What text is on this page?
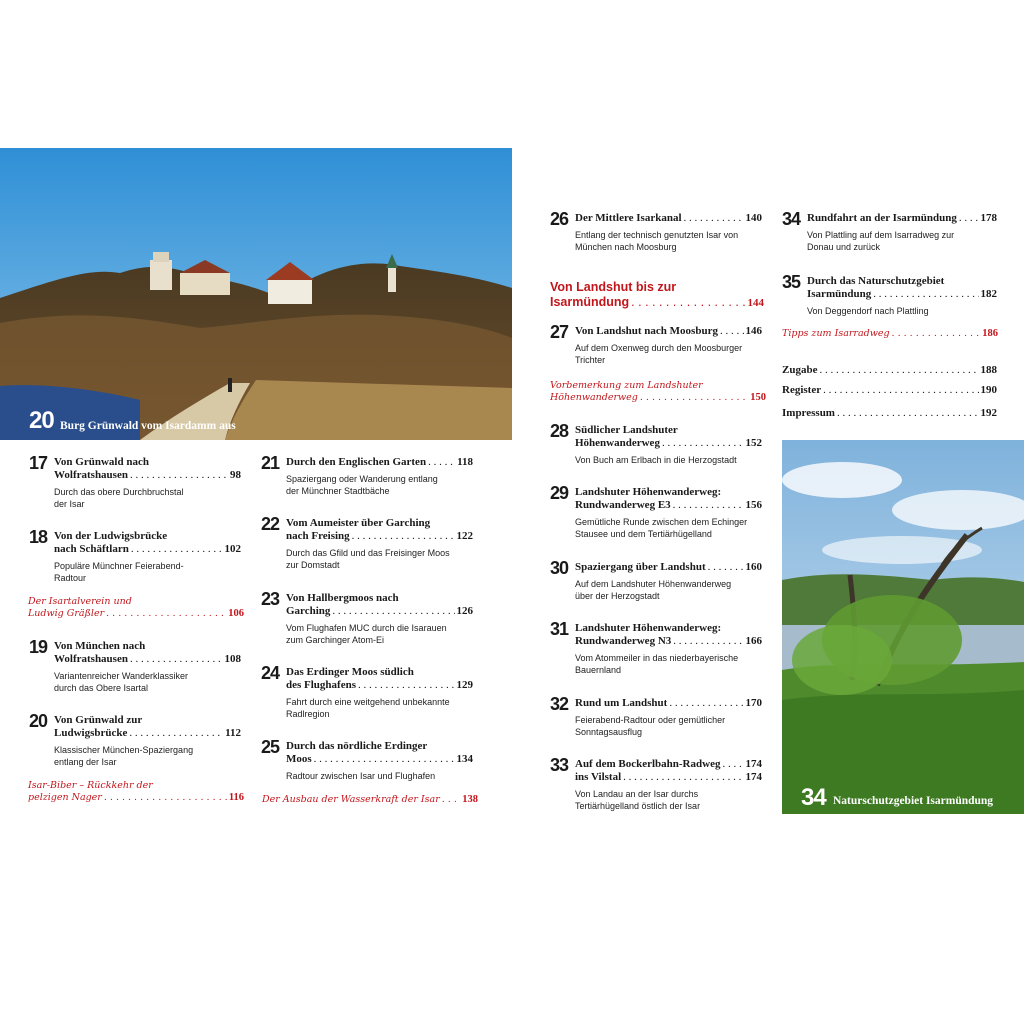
20 Burg Grünwald vom Isardamm aus
34 Naturschutzgebiet Isarmündung
17 Von Grünwald nach
Wolfratshausen . . .	98
Durch das obere Durchbruchstal
der Isar
18 Von der Ludwigsbrücke
nach Schäftlarn . . .	102
Populäre Münchner Feierabend-
Radtour
Der Isartalverein und
Ludwig Gräßler . . .	106
19 Von München nach
Wolfratshausen . . .	108
Variantenreicher Wanderklassiker
durch das Obere Isartal
20 Von Grünwald zur
Ludwigsbrücke . . .	112
Klassischer München-Spaziergang
entlang der Isar
Isar-Biber – Rückkehr der
pelzigen Nager . . .	116
21 Durch den Englischen Garten . . .	118
Spaziergang oder Wanderung entlang
der Münchner Stadtbäche
22 Vom Aumeister über Garching
nach Freising . . .	122
Durch das Gfild und das Freisinger Moos
zur Domstadt
23 Von Hallbergmoos nach
Garching . . .	126
Vom Flughafen MUC durch die Isarauen
zum Garchinger Atom-Ei
24 Das Erdinger Moos südlich
des Flughafens . . .	129
Fahrt durch eine weitgehend unbekannte
Radlregion
25 Durch das nördliche Erdinger
Moos . . .	134
Radtour zwischen Isar und Flughafen
Der Ausbau der Wasserkraft der Isar . . . 138
26 Der Mittlere Isarkanal . . .	140
Entlang der technisch genutzten Isar von
München nach Moosburg
Von Landshut bis zur
Isarmündung . . .	144
27 Von Landshut nach Moosburg . . .	146
Auf dem Oxenweg durch den Moosburger
Trichter
Vorbemerkung zum Landshuter
Höhenwanderweg . . .	150
28 Südlicher Landshuter
Höhenwanderweg . . .	152
Von Buch am Erlbach in die Herzogstadt
29 Landshuter Höhenwanderweg:
Rundwanderweg E3 . . .	156
Gemütliche Runde zwischen dem Echinger
Stausee und dem Tertiärhügelland
30 Spaziergang über Landshut . . .	160
Auf dem Landshuter Höhenwanderweg
über der Herzogstadt
31 Landshuter Höhenwanderweg:
Rundwanderweg N3 . . .	166
Vom Atommeiler in das niederbayerische
Bauernland
32 Rund um Landshut . . .	170
Feierabend-Radtour oder gemütlicher
Sonntagsausflug
33 Auf dem Bockerlbahn-Radweg . . . 174
ins Vilstal . . .	174
Von Landau an der Isar durchs
Tertiärhügelland östlich der Isar
34 Rundfahrt an der Isarmündung . . . 178
Von Plattling auf dem Isarradweg zur
Donau und zurück
35 Durch das Naturschutzgebiet
Isarmündung . . .	182
Von Deggendorf nach Plattling
Tipps zum Isarradweg . . .	186
Zugabe . . .	188
Register . . .	190
Impressum . . .	192
